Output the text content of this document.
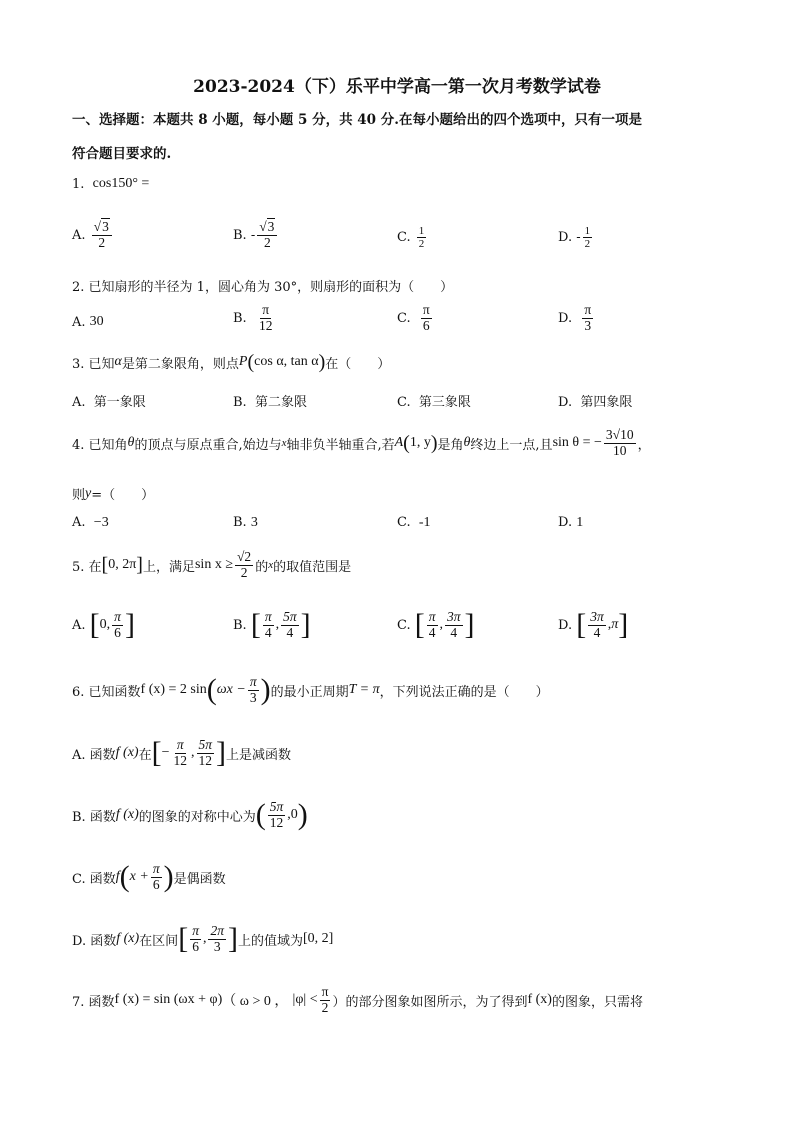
2023-2024（下）乐平中学高一第一次月考数学试卷
一、选择题：本题共 8 小题，每小题 5 分，共 40 分.在每小题给出的四个选项中，只有一项是
符合题目要求的.
1.
cos150° =
A.
$\frac{√3}{2}$	B.
- $\frac{√3}{2}$	C.
$\frac{1}{2}$	D.
- $\frac{1}{2}$
2. 已知扇形的半径为 1，圆心角为 30°，则扇形的面积为（　　）
A.
30	B.
$\frac{\pi}{12}$	C.
$\frac{\pi}{6}$	D.
$\frac{\pi}{3}$
3. 已知 α 是第二象限角，则点 P ( cos α, tan α ) 在（　　）
A. 第一象限	B. 第二象限	C. 第三象限	D. 第四象限
4. 已知角 θ 的顶点与原点重合,始边与 x 轴非负半轴重合,若 A ( 1, y ) 是角 θ 终边上一点,且 sin θ = − $\frac{3√10}{10}$ ，
则 y =（　　）
A. −3	B. 3	C. -1	D. 1
5. 在 [ 0, 2π ] 上，满足 $\sin x \ge \frac{√2}{2}$ 的 x 的取值范围是
A.
[ 0 , $\frac{\pi}{6}$ ]	B.
[ $\frac{\pi}{4}$ , $\frac{5\pi}{4}$ ]	C.
[ $\frac{\pi}{4}$ , $\frac{3\pi}{4}$ ]	D.
[ $\frac{3\pi}{4}$ , π ]
6. 已知函数 f (x) = 2 sin ( $\omega x - \frac{\pi}{3}$ ) 的最小正周期 T = π ，下列说法正确的是（　　）
A. 函数 f (x) 在 [ − $\frac{\pi}{12}$ , $\frac{5\pi}{12}$ ] 上是减函数
B. 函数 f (x) 的图象的对称中心为 ( $\frac{5\pi}{12}$ , 0 )
C. 函数 f ( $x + \frac{\pi}{6}$ ) 是偶函数
D. 函数 f (x) 在区间 [ $\frac{\pi}{6}$ , $\frac{2\pi}{3}$ ] 上的值域为 [0, 2]
7. 函数 f (x) = sin (ωx + φ) （ ω > 0 ，
$|\varphi| < \frac{\pi}{2}$ ）的部分图象如图所示，为了得到 f (x) 的图象，只需将
